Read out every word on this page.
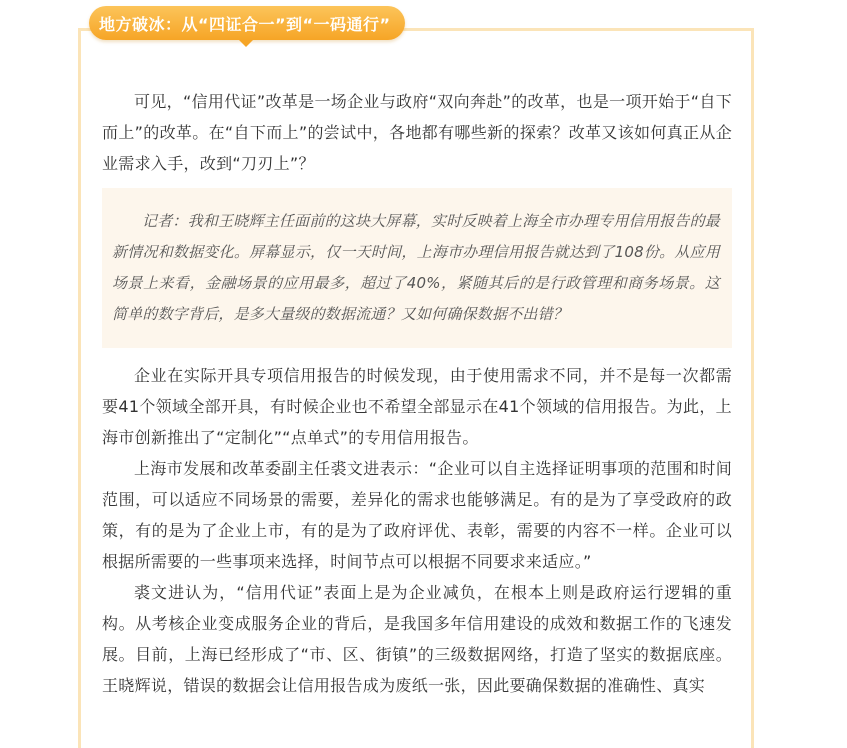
地方破冰：从“四证合一”到“一码通行”

可见，“信用代证”改革是一场企业与政府“双向奔赴”的改革，也是一项开始于“自下而上”的改革。在“自下而上”的尝试中，各地都有哪些新的探索？改革又该如何真正从企业需求入手，改到“刀刃上”？

记者：我和王晓辉主任面前的这块大屏幕，实时反映着上海全市办理专用信用报告的最新情况和数据变化。屏幕显示，仅一天时间，上海市办理信用报告就达到了108份。从应用场景上来看，金融场景的应用最多，超过了40%，紧随其后的是行政管理和商务场景。这简单的数字背后，是多大量级的数据流通？又如何确保数据不出错？

企业在实际开具专项信用报告的时候发现，由于使用需求不同，并不是每一次都需要41个领域全部开具，有时候企业也不希望全部显示在41个领域的信用报告。为此，上海市创新推出了“定制化”“点单式”的专用信用报告。

上海市发展和改革委副主任裘文进表示：“企业可以自主选择证明事项的范围和时间范围，可以适应不同场景的需要，差异化的需求也能够满足。有的是为了享受政府的政策，有的是为了企业上市，有的是为了政府评优、表彰，需要的内容不一样。企业可以根据所需要的一些事项来选择，时间节点可以根据不同要求来适应。”

裘文进认为，“信用代证”表面上是为企业减负，在根本上则是政府运行逻辑的重构。从考核企业变成服务企业的背后，是我国多年信用建设的成效和数据工作的飞速发展。目前，上海已经形成了“市、区、街镇”的三级数据网络，打造了坚实的数据底座。王晓辉说，错误的数据会让信用报告成为废纸一张，因此要确保数据的准确性、真实
